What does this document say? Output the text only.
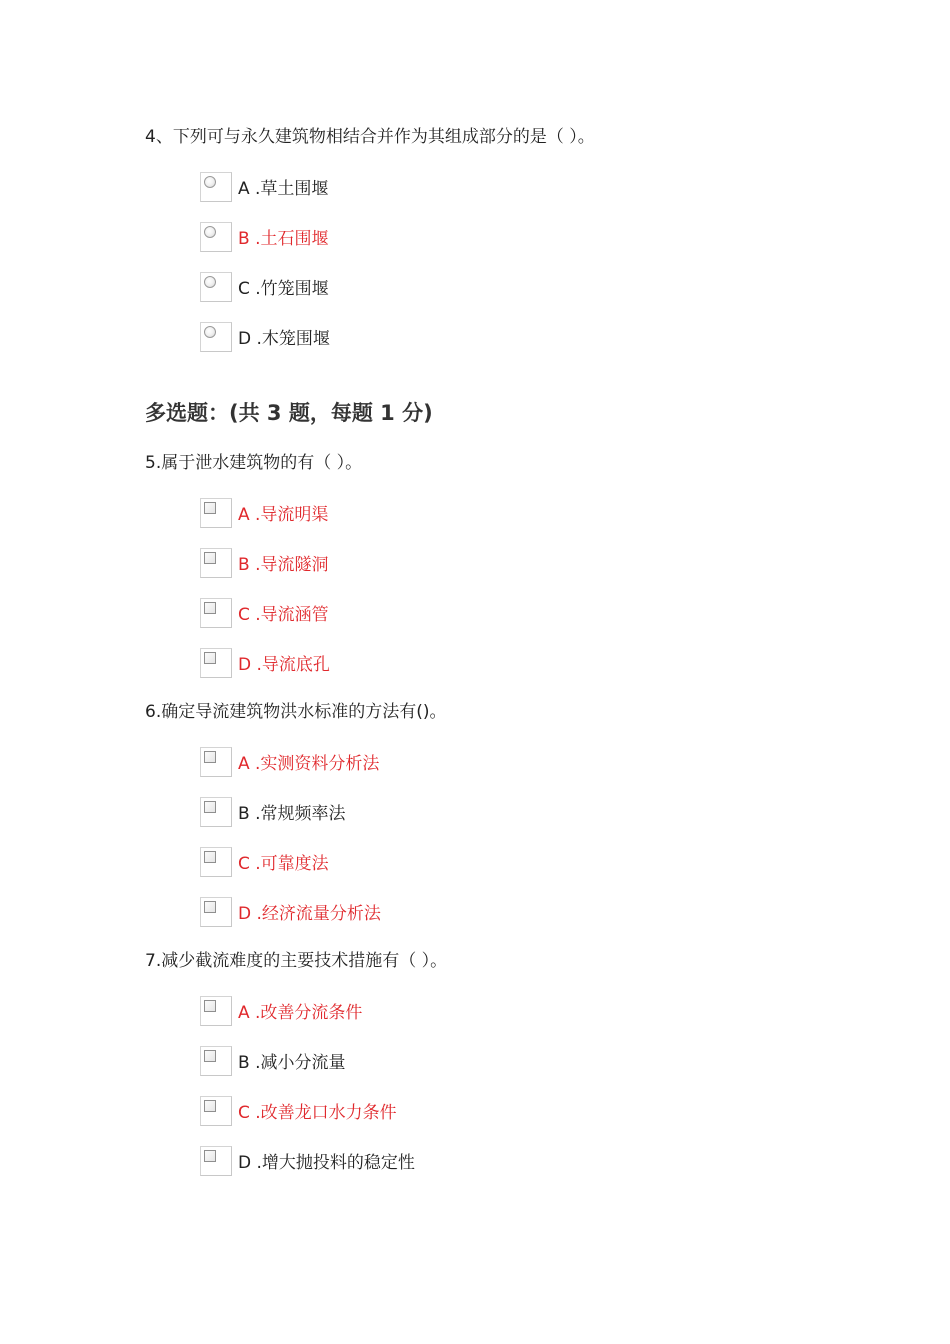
4、下列可与永久建筑物相结合并作为其组成部分的是（ ）。
A .草土围堰
B .土石围堰
C .竹笼围堰
D .木笼围堰
多选题：(共 3 题，每题 1 分)
5.属于泄水建筑物的有（ ）。
A .导流明渠
B .导流隧洞
C .导流涵管
D .导流底孔
6.确定导流建筑物洪水标准的方法有()。
A .实测资料分析法
B .常规频率法
C .可靠度法
D .经济流量分析法
7.减少截流难度的主要技术措施有（ ）。
A .改善分流条件
B .减小分流量
C .改善龙口水力条件
D .增大抛投料的稳定性
